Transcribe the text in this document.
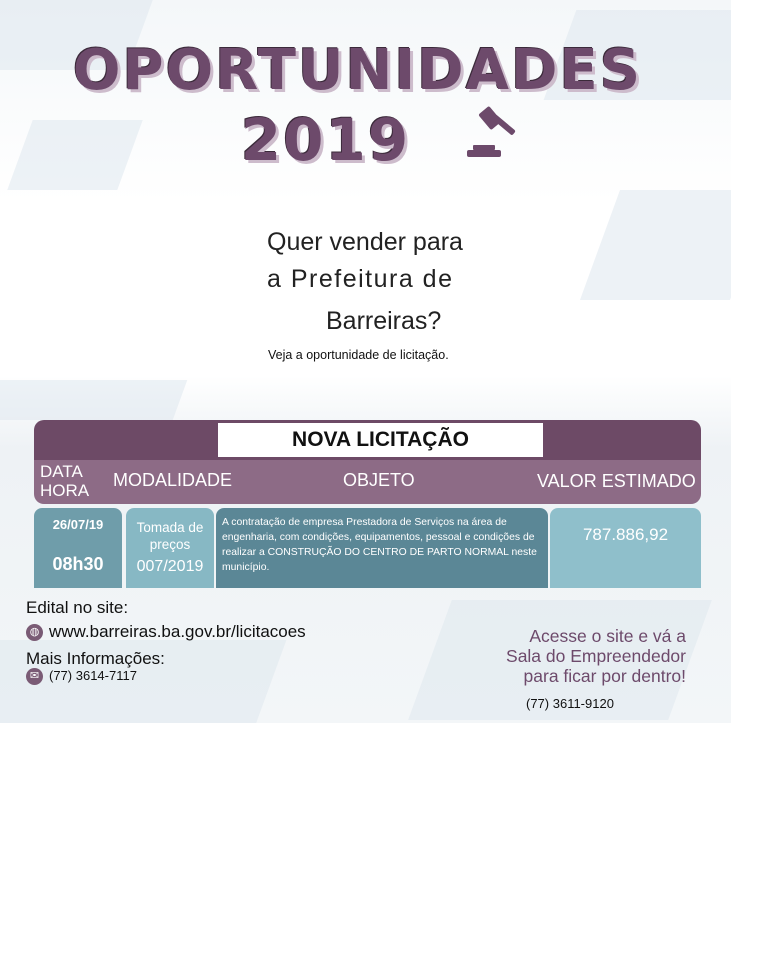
OPORTUNIDADES
2019
Quer vender para
a Prefeitura de
Barreiras?
Veja a oportunidade de licitação.
NOVA LICITAÇÃO
DATA
HORA
MODALIDADE	OBJETO	VALOR ESTIMADO
26/07/19
08h30
Tomada de preços
007/2019
A contratação de empresa Prestadora de Serviços na área de engenharia, com condições, equipamentos, pessoal e condições de realizar a CONSTRUÇÃO DO CENTRO DE PARTO NORMAL neste município.
787.886,92
Edital no site:
◍ www.barreiras.ba.gov.br/licitacoes
Mais Informações:
✉ (77) 3614-7117
Acesse o site e vá a
Sala do Empreendedor
para ficar por dentro!
(77) 3611-9120
